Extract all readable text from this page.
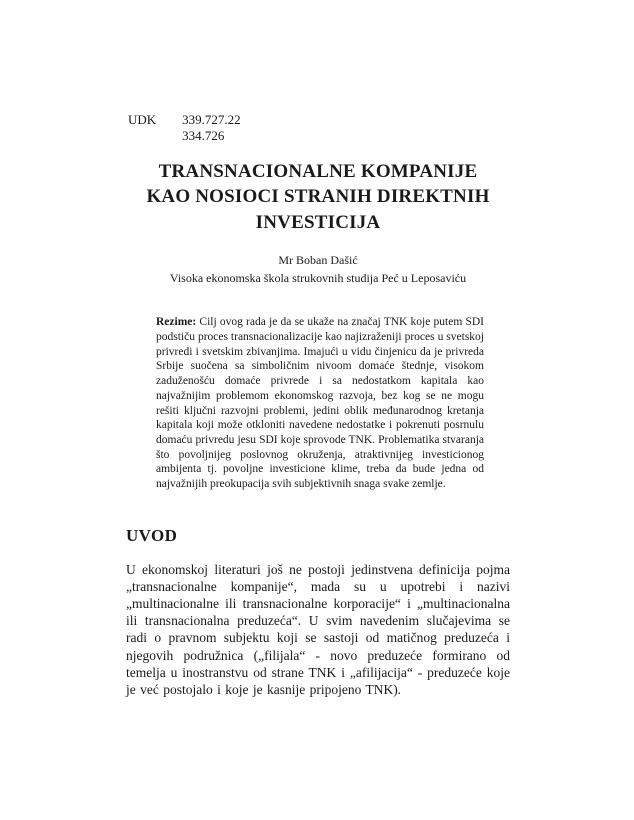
UDK 339.727.22
334.726
TRANSNACIONALNE KOMPANIJE KAO NOSIOCI STRANIH DIREKTNIH INVESTICIJA
Mr Boban Dašić
Visoka ekonomska škola strukovnih studija Peć u Leposaviću
Rezime: Cilj ovog rada je da se ukaže na značaj TNK koje putem SDI podstiču proces transnacionalizacije kao najizraženiji proces u svetskoj privredi i svetskim zbivanjima. Imajući u vidu činjenicu da je privreda Srbije suočena sa simboličnim nivoom domaće štednje, visokom zaduženošću domaće privrede i sa nedostatkom kapitala kao najvažnijim problemom ekonomskog razvoja, bez kog se ne mogu rešiti ključni razvojni problemi, jedini oblik međunarodnog kretanja kapitala koji može otkloniti navedene nedostatke i pokrenuti posrnulu domaću privredu jesu SDI koje sprovode TNK. Problematika stvaranja što povoljnijeg poslovnog okruženja, atraktivnijeg investicionog ambijenta tj. povoljne investicione klime, treba da bude jedna od najvažnijih preokupacija svih subjektivnih snaga svake zemlje.
UVOD

U ekonomskoj literaturi još ne postoji jedinstvena definicija pojma „transnacionalne kompanije“, mada su u upotrebi i nazivi „multinacionalne ili transnacionalne korporacije“ i „multinacionalna ili transnacionalna preduzeća“. U svim navedenim slučajevima se radi o pravnom subjektu koji se sastoji od matičnog preduzeća i njegovih podružnica („filijala“ - novo preduzeće formirano od temelja u inostranstvu od strane TNK i „afilijacija“ - preduzeće koje je već postojalo i koje je kasnije pripojeno TNK).
